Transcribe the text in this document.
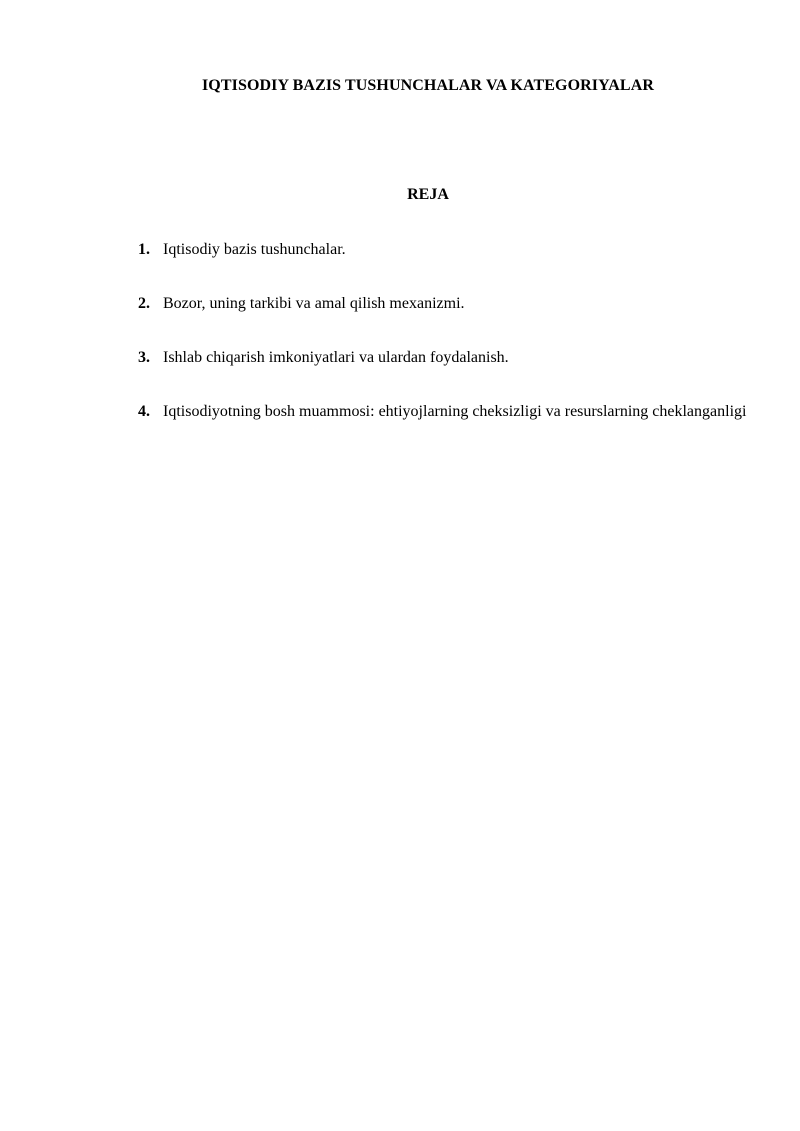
IQTISODIY BAZIS TUSHUNCHALAR VA KATEGORIYALAR
REJA
1. Iqtisodiy bazis tushunchalar.
2. Bozor, uning tarkibi va amal qilish mexanizmi.
3. Ishlab chiqarish imkoniyatlari va ulardan foydalanish.
4. Iqtisodiyotning bosh muammosi: ehtiyojlarning cheksizligi va resurslarning cheklanganligi
